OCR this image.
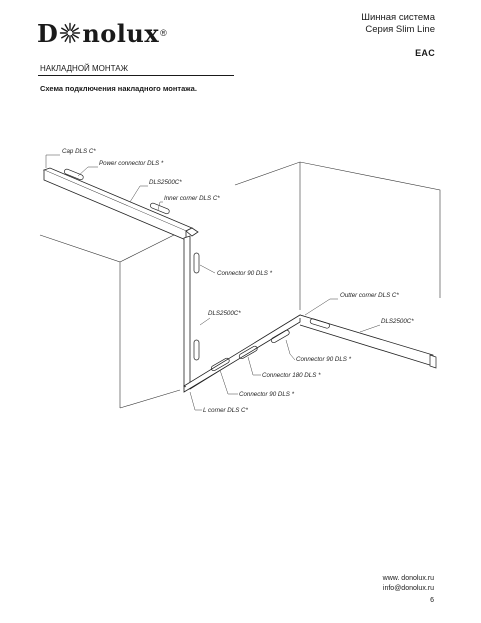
D nolux ®
Шинная система
Серия Slim Line
EAC
НАКЛАДНОЙ МОНТАЖ
Схема подключения накладного монтажа.
Cap DLS C*
Power connector DLS *
DLS2500C*
Inner corner DLS C*
Connector 90 DLS *
Outter corner DLS C*
DLS2500C*
DLS2500C*
Connector 90 DLS *
Connector 180 DLS *
Connector 90 DLS *
L corner DLS C*
www. donolux.ru
info@donolux.ru
6
